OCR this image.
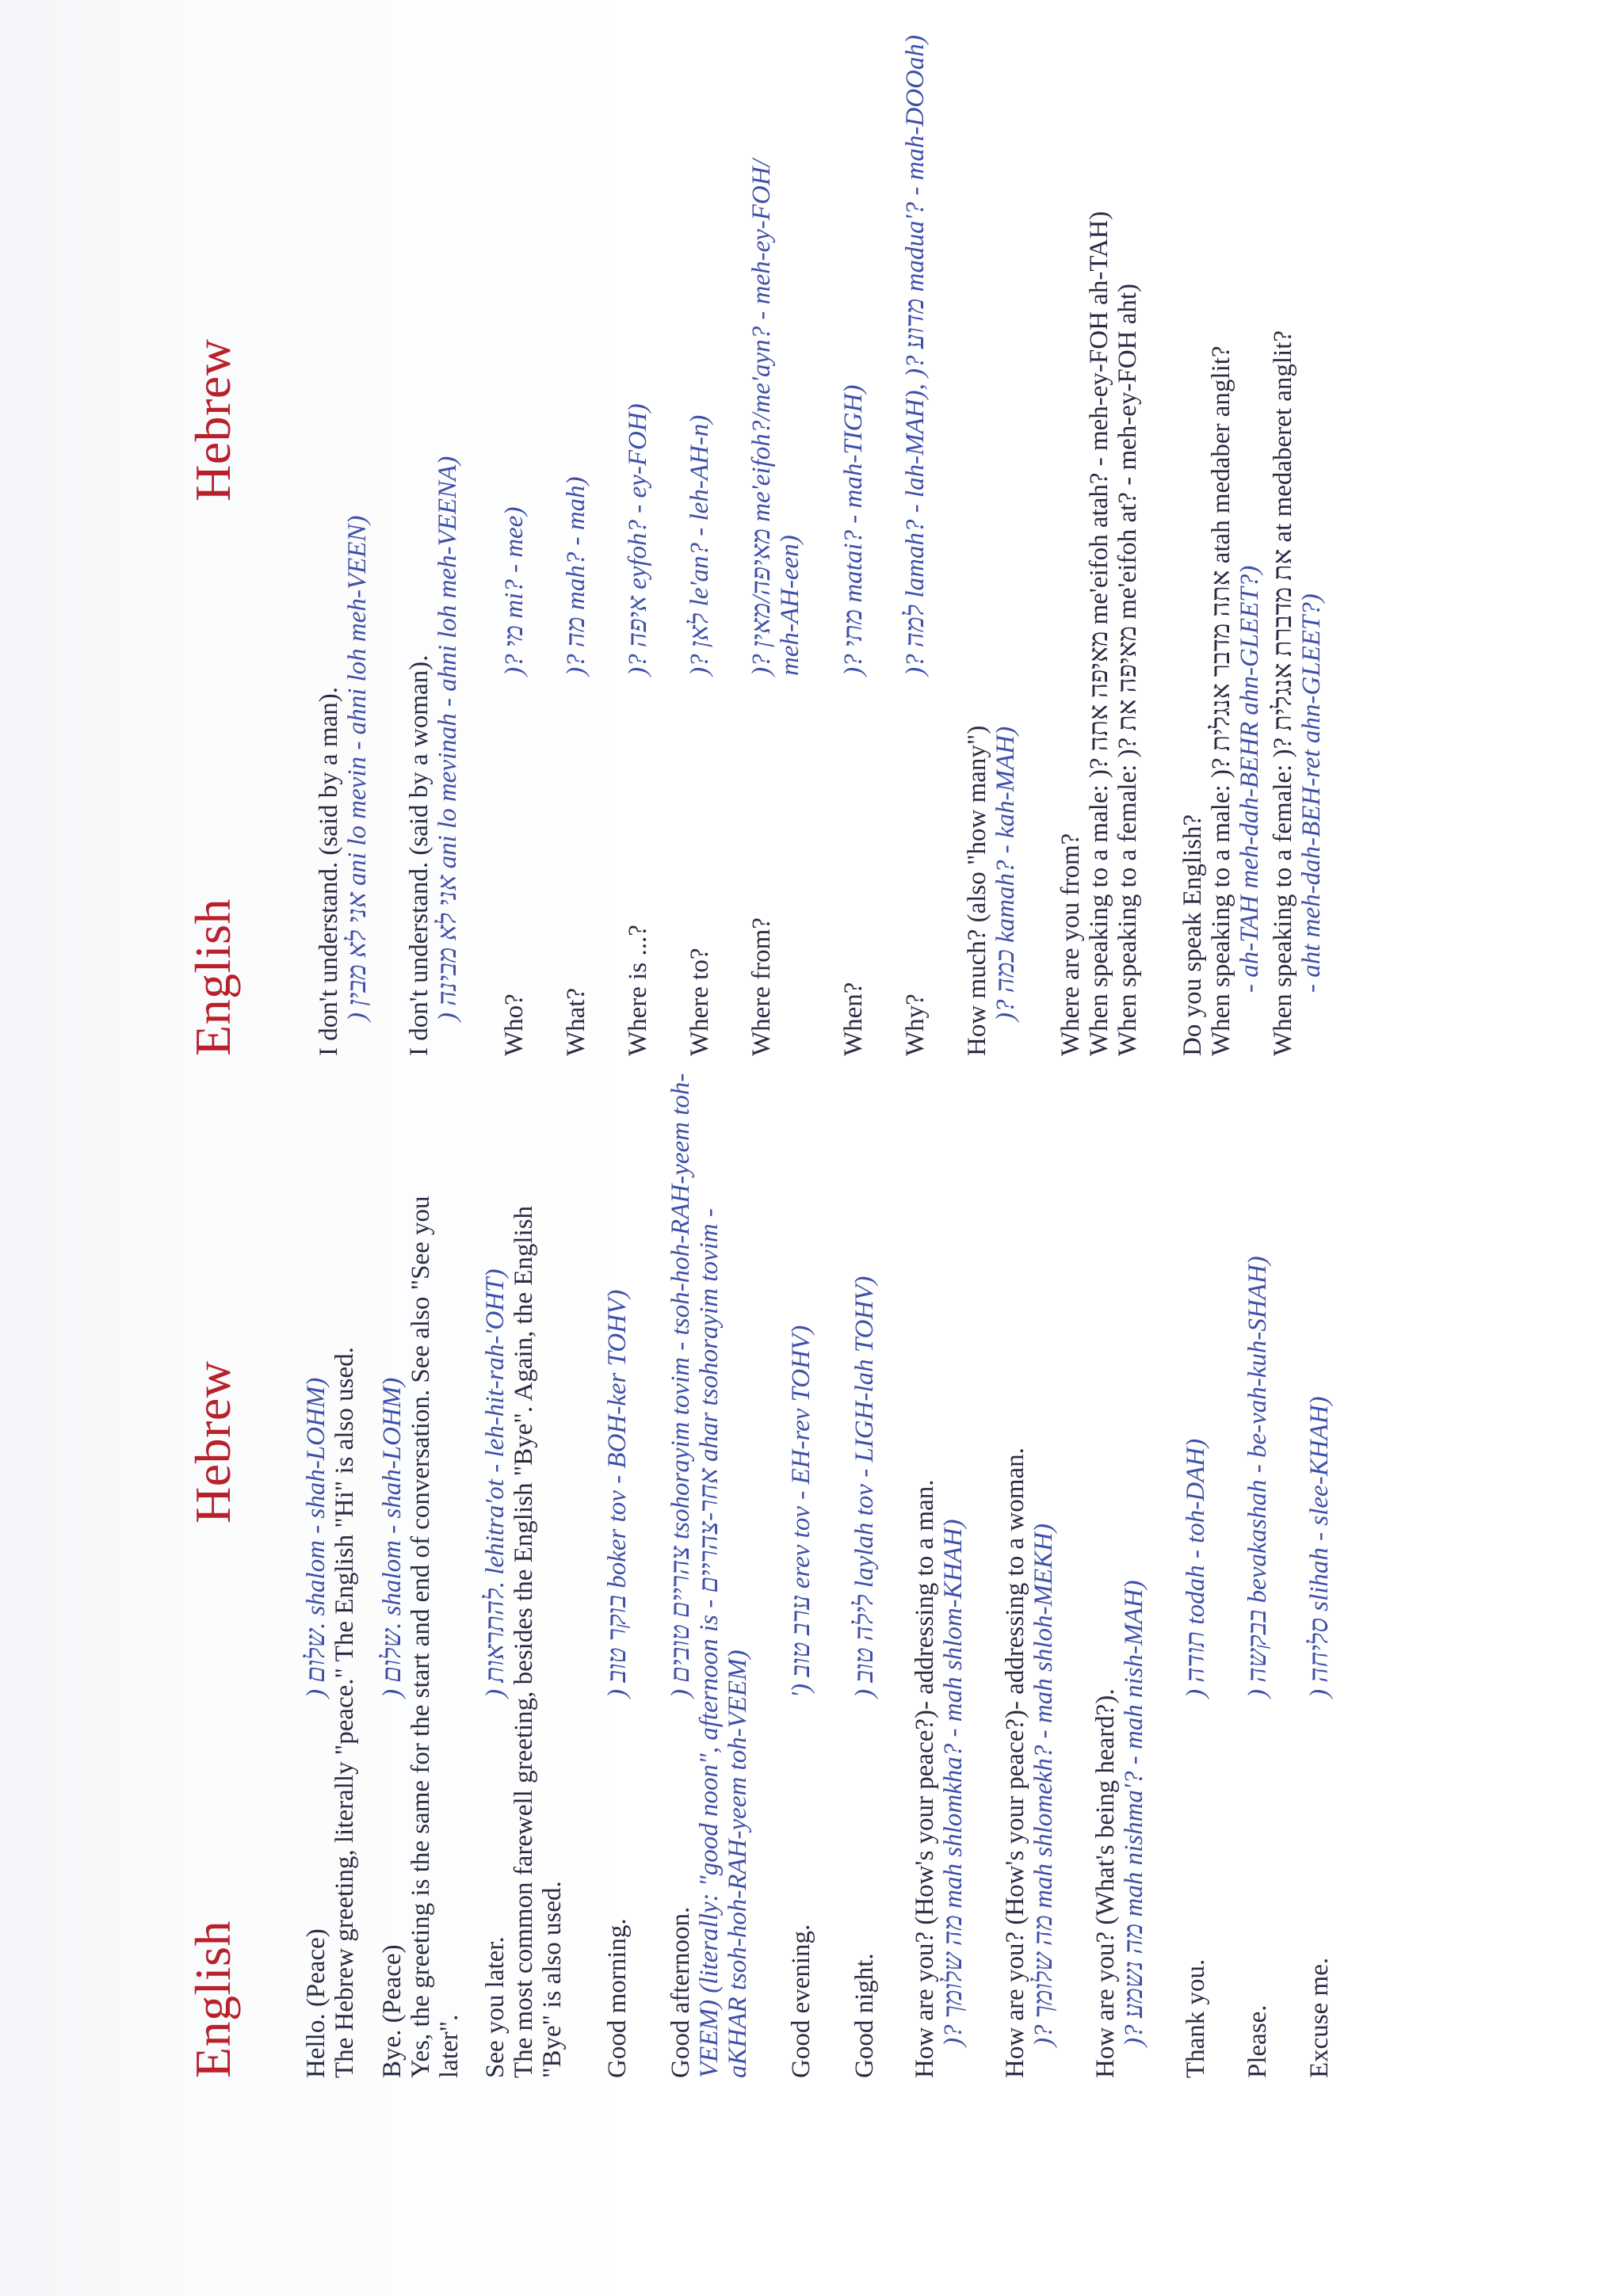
English
Hebrew
Hello. (Peace)
) שלום. shalom - shah-LOHM) The Hebrew greeting, literally "peace." The English "Hi" is also used. Bye. (Peace)
) שלום. shalom - shah-LOHM) Yes, the greeting is the same for the start and end of conversation. See also "See you later". See you later.
) להתראות. lehitra'ot - leh-hit-rah-'OHT) The most common farewell greeting, besides the English "Bye". Again, the English "Bye" is also used. Good morning.
) בוקר טוב boker tov - BOH-ker TOHV)
Good afternoon.
) צהריים טובים tsohorayim tovim - tsoh-hoh-RAH-yeem toh-
VEEM) (literally: "good noon", afternoon is - אחר-צהריים ahar tsohorayim tovim -
aKHAR tsoh-hoh-RAH-yeem toh-VEEM) Good evening.
') ערב טוב erev tov - EH-rev TOHV)
Good night.
) לילה טוב laylah tov - LIGH-lah TOHV)
How are you? (How's your peace?)- addressing to a man. )? מה שלומך mah shlomkha? - mah shlom-KHAH) How are you? (How's your peace?)- addressing to a woman. )? מה שלומך mah shlomekh? - mah shloh-MEKH) How are you? (What's being heard?). )? מה נשמע mah nishma'? - mah nish-MAH)
Thank you.
) תודה todah - toh-DAH)
Please.
) בבקשה bevakashah - be-vah-kuh-SHAH)
Excuse me.
) סליחה slihah - slee-KHAH)
English
Hebrew
I don't understand. (said by a man). ) אני לא מבין ani lo mevin - ahni loh meh-VEEN) I don't understand. (said by a woman). ) אני לא מבינה ani lo mevinah - ahni loh meh-VEENA)
Who?
)? מי mi? - mee)
What?
)? מה mah? - mah)
Where is ...?
)? איפה eyfoh? - ey-FOH)
Where to?
)? לאן le'an? - leh-AH-n)
Where from?
)? מאיפה/מאין me'eifoh?/me'ayn? - meh-ey-FOH/
meh-AH-een)
When?
)? מתי matai? - mah-TIGH)
Why?
)? למה lamah? - lah-MAH), )? מדוע madua'? - mah-DOOah)
How much? (also "how many") )? כמה kamah? - kah-MAH) Where are you from? When speaking to a male: )? מאיפה אתה me'eifoh atah? - meh-ey-FOH ah-TAH)
When speaking to a female: )? מאיפה את me'eifoh at? - meh-ey-FOH aht)
Do you speak English? When speaking to a male: )? אתה מדבר אנגלית atah medaber anglit?
- ah-TAH meh-dah-BEHR ahn-GLEET?) When speaking to a female: )? את מדברת אנגלית at medaberet anglit?
- aht meh-dah-BEH-ret ahn-GLEET?)
